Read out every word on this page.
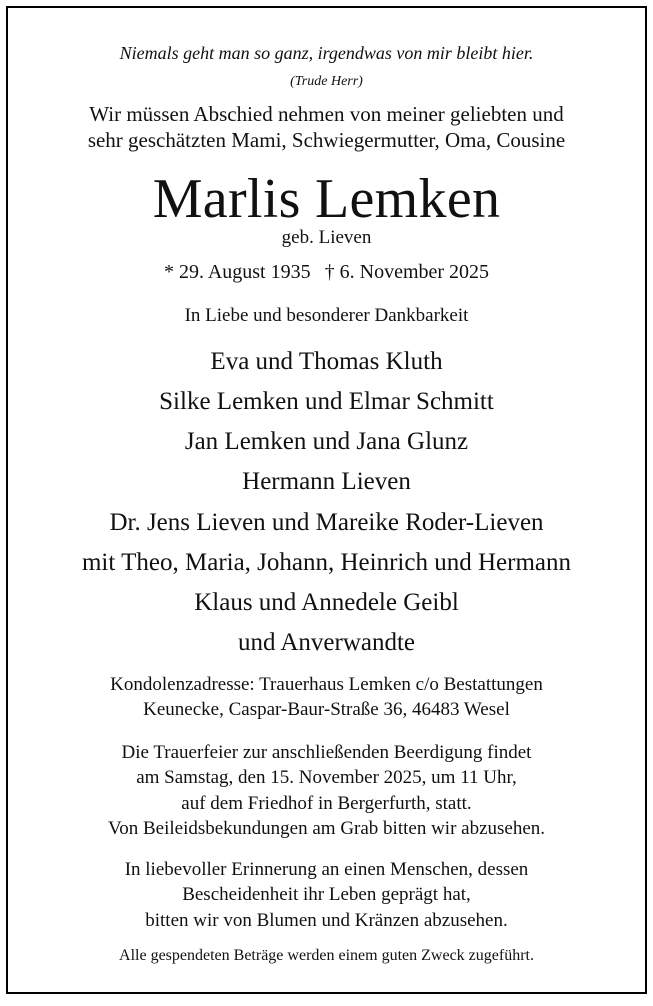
Niemals geht man so ganz, irgendwas von mir bleibt hier.
(Trude Herr)
Wir müssen Abschied nehmen von meiner geliebten und
sehr geschätzten Mami, Schwiegermutter, Oma, Cousine
Marlis Lemken
geb. Lieven
* 29. August 1935 † 6. November 2025
In Liebe und besonderer Dankbarkeit
Eva und Thomas Kluth
Silke Lemken und Elmar Schmitt
Jan Lemken und Jana Glunz
Hermann Lieven
Dr. Jens Lieven und Mareike Roder-Lieven
mit Theo, Maria, Johann, Heinrich und Hermann
Klaus und Annedele Geibl
und Anverwandte
Kondolenzadresse: Trauerhaus Lemken c/o Bestattungen
Keunecke, Caspar-Baur-Straße 36, 46483 Wesel
Die Trauerfeier zur anschließenden Beerdigung findet
am Samstag, den 15. November 2025, um 11 Uhr,
auf dem Friedhof in Bergerfurth, statt.
Von Beileidsbekundungen am Grab bitten wir abzusehen.
In liebevoller Erinnerung an einen Menschen, dessen
Bescheidenheit ihr Leben geprägt hat,
bitten wir von Blumen und Kränzen abzusehen.
Alle gespendeten Beträge werden einem guten Zweck zugeführt.
